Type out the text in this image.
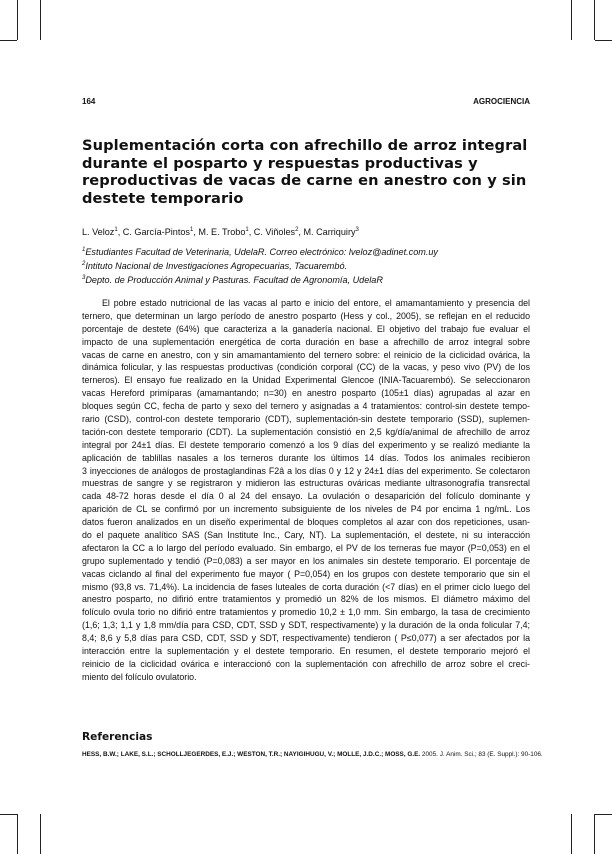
164	AGROCIENCIA
Suplementación corta con afrechillo de arroz integral
durante el posparto y respuestas productivas y
reproductivas de vacas de carne en anestro con y sin
destete temporario
L. Veloz$^1$, C. García-Pintos$^1$, M. E. Trobo$^1$, C. Viñoles$^2$, M. Carriquiry$^3$
$^1$Estudiantes Facultad de Veterinaria, UdelaR. Correo electrónico: lveloz@adinet.com.uy
$^2$Intituto Nacional de Investigaciones Agropecuarias, Tacuarembó.
$^3$Depto. de Producción Animal y Pasturas. Facultad de Agronomía, UdelaR
El pobre estado nutricional de las vacas al parto e inicio del entore, el amamantamiento y presencia del
ternero, que determinan un largo período de anestro posparto (Hess y col., 2005), se reflejan en el reducido
porcentaje de destete (64%) que caracteriza a la ganadería nacional. El objetivo del trabajo fue evaluar el
impacto de una suplementación energética de corta duración en base a afrechillo de arroz integral sobre
vacas de carne en anestro, con y sin amamantamiento del ternero sobre: el reinicio de la ciclicidad ovárica, la
dinámica folicular, y las respuestas productivas (condición corporal (CC) de la vacas, y peso vivo (PV) de los
terneros). El ensayo fue realizado en la Unidad Experimental Glencoe (INIA-Tacuarembó). Se seleccionaron
vacas Hereford primíparas (amamantando; n=30) en anestro posparto (105±1 días) agrupadas al azar en
bloques según CC, fecha de parto y sexo del ternero y asignadas a 4 tratamientos: control-sin destete tempo-
rario (CSD), control-con destete temporario (CDT), suplementación-sin destete temporario (SSD), suplemen-
tación-con destete temporario (CDT). La suplementación consistió en 2,5 kg/día/animal de afrechillo de arroz
integral por 24±1 días. El destete temporario comenzó a los 9 días del experimento y se realizó mediante la
aplicación de tablillas nasales a los terneros durante los últimos 14 días. Todos los animales recibieron
3 inyecciones de análogos de prostaglandinas F2â a los días 0 y 12 y 24±1 días del experimento. Se colectaron
muestras de sangre y se registraron y midieron las estructuras ováricas mediante ultrasonografía transrectal
cada 48-72 horas desde el día 0 al 24 del ensayo. La ovulación o desaparición del folículo dominante y
aparición de CL se confirmó por un incremento subsiguiente de los niveles de P4 por encima 1 ng/mL. Los
datos fueron analizados en un diseño experimental de bloques completos al azar con dos repeticiones, usan-
do el paquete analítico SAS (San Institute Inc., Cary, NT). La suplementación, el destete, ni su interacción
afectaron la CC a lo largo del período evaluado. Sin embargo, el PV de los terneras fue mayor (P=0,053) en el
grupo suplementado y tendió (P=0,083) a ser mayor en los animales sin destete temporario. El porcentaje de
vacas ciclando al final del experimento fue mayor ( P=0,054) en los grupos con destete temporario que sin el
mismo (93,8 vs. 71,4%). La incidencia de fases luteales de corta duración (<7 días) en el primer ciclo luego del
anestro posparto, no difirió entre tratamientos y promedió un 82% de los mismos. El diámetro máximo del
folículo ovula torio no difirió entre tratamientos y promedio 10,2 ± 1,0 mm. Sin embargo, la tasa de crecimiento
(1,6; 1,3; 1,1 y 1,8 mm/día para CSD, CDT, SSD y SDT, respectivamente) y la duración de la onda folicular 7,4;
8,4; 8,6 y 5,8 días para CSD, CDT, SSD y SDT, respectivamente) tendieron ( P≤0,077) a ser afectados por la
interacción entre la suplementación y el destete temporario. En resumen, el destete temporario mejoró el
reinicio de la ciclicidad ovárica e interaccionó con la suplementación con afrechillo de arroz sobre el creci-
miento del folículo ovulatorio.
Referencias
HESS, B.W.; LAKE, S.L.; SCHOLLJEGERDES, E.J.; WESTON, T.R.; NAYIGIHUGU, V.; MOLLE, J.D.C.; MOSS, G.E. 2005. J. Anim. Sci.; 83 (E. Suppl.): 90-106.
